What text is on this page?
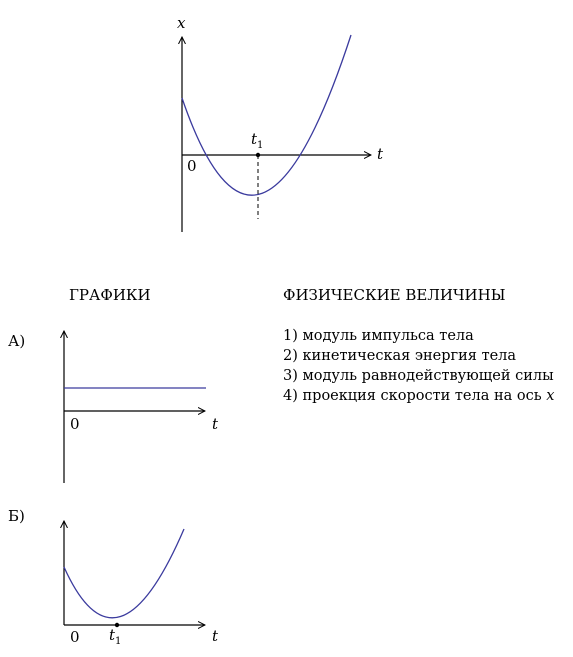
x
t
0
$t_1$
ГРАФИКИ	ФИЗИЧЕСКИЕ ВЕЛИЧИНЫ
А)
0	t
Б)
0	t
$t_1$
1) модуль импульса тела
2) кинетическая энергия тела
3) модуль равнодействующей силы
4) проекция скорости тела на ось x
